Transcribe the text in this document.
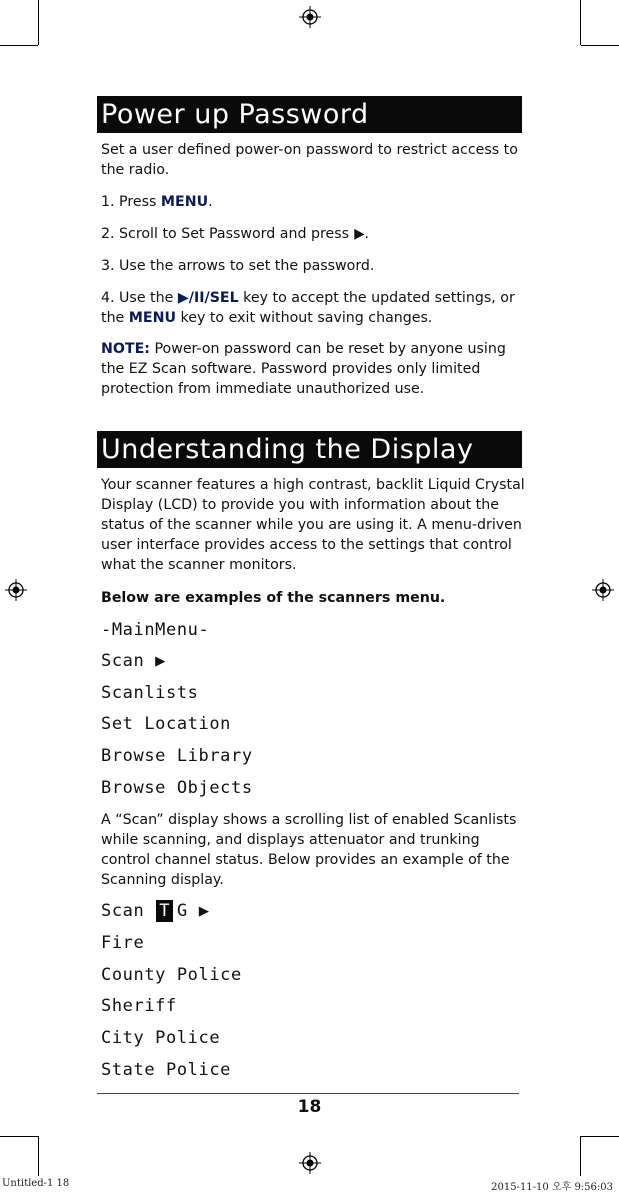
Power up Password

Set a user defined power-on password to restrict access to the radio.

1. Press MENU.

2. Scroll to Set Password and press ▶.

3. Use the arrows to set the password.

4. Use the ▶/II/SEL key to accept the updated settings, or the MENU key to exit without saving changes.

NOTE: Power-on password can be reset by anyone using the EZ Scan software. Password provides only limited protection from immediate unauthorized use.

Understanding the Display

Your scanner features a high contrast, backlit Liquid Crystal Display (LCD) to provide you with information about the status of the scanner while you are using it. A menu-driven user interface provides access to the settings that control what the scanner monitors.

Below are examples of the scanners menu.

-MainMenu-
Scan ▶
Scanlists
Set Location
Browse Library
Browse Objects

A “Scan” display shows a scrolling list of enabled Scanlists while scanning, and displays attenuator and trunking control channel status. Below provides an example of the Scanning display.

Scan T G ▶
Fire
County Police
Sheriff
City Police
State Police
18
Untitled-1 18	2015-11-10 오후 9:56:03
